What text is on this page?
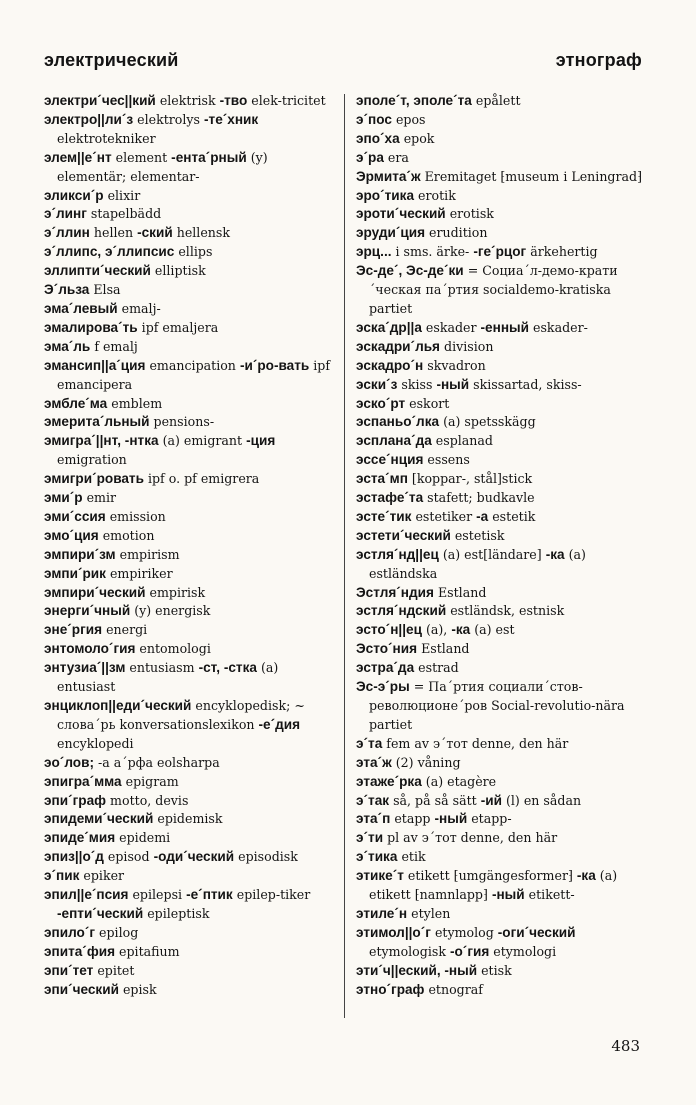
электрический	этнограф

электри´чес||кий elektrisk -тво elek-tricitet

электро||ли´з elektrolys -те´хник elektrotekniker

элем||е´нт element -ента´рный (y) elementär; elementar-

эликси´р elixir

э´линг stapelbädd

э´ллин hellen -ский hellensk

э´ллипс, э´ллипсис ellips

эллипти´ческий elliptisk

Э´льза Elsa

эма´левый emalj-

эмалирова´ть ipf emaljera

эма´ль f emalj

эмансип||а´ция emancipation -и´ро-вать ipf emancipera

эмбле´ма emblem

эмерита´льный pensions-

эмигра´||нт, -нтка (a) emigrant -ция emigration

эмигри´ровать ipf o. pf emigrera

эми´р emir

эми´ссия emission

эмо´ция emotion

эмпири´зм empirism

эмпи´рик empiriker

эмпири´ческий empirisk

энерги´чный (y) energisk

эне´ргия energi

энтомоло´гия entomologi

энтузиа´||зм entusiasm -ст, -стка (a) entusiast

энциклоп||еди´ческий encyklopedisk; ~ слова´рь konversationslexikon -е´дия encyklopedi

эо´лов; -а а´рфа eolsharpa

эпигра´мма epigram

эпи´граф motto, devis

эпидеми´ческий epidemisk

эпиде´мия epidemi

эпиз||о´д episod -оди´ческий episodisk

э´пик epiker

эпил||е´псия epilepsi -е´птик epilep-tiker -епти´ческий epileptisk

эпило´г epilog

эпита´фия epitafium

эпи´тет epitet

эпи´ческий episk

эполе´т, эполе´та epålett

э´пос epos

эпо´ха epok

э´ра era

Эрмита´ж Eremitaget ⁅museum i Leningrad⁆

эро´тика erotik

эроти´ческий erotisk

эруди´ция erudition

эрц... i sms. ärke- -ге´рцог ärkehertig

Эс-де´, Эс-де´ки = Социа´л-демо-крати´ческая па´ртия socialdemo-kratiska partiet

эска´др||а eskader -енный eskader-

эскадри´лья division

эскадро´н skvadron

эски´з skiss -ный skissartad, skiss-

эско´рт eskort

эспаньо´лка (a) spetsskägg

эсплана´да esplanad

эссе´нция essens

эста´мп [koppar-, stål]stick

эстафе´та stafett; budkavle

эсте´тик estetiker -а estetik

эстети´ческий estetisk

эстля´нд||ец (a) est[ländare] -ка (a) estländska

Эстля´ндия Estland

эстля´ндский estländsk, estnisk

эсто´н||ец (a), -ка (a) est

Эсто´ния Estland

эстра´да estrad

Эс-э´ры = Па´ртия социали´стов-революционе´ров Social-revolutio-nära partiet

э´та fem av э´тот denne, den här

эта´ж (2) våning

этаже´рка (a) etagère

э´так så, på så sätt -ий (l) en sådan

эта´п etapp -ный etapp-

э´ти pl av э´тот denne, den här

э´тика etik

этике´т etikett ⁅umgängesformer⁆ -ка (a) etikett ⁅namnlapp⁆ -ный etikett-

этиле´н etylen

этимол||о´г etymolog -оги´ческий etymologisk -о´гия etymologi

эти´ч||еский, -ный etisk

этно´граф etnograf

483
